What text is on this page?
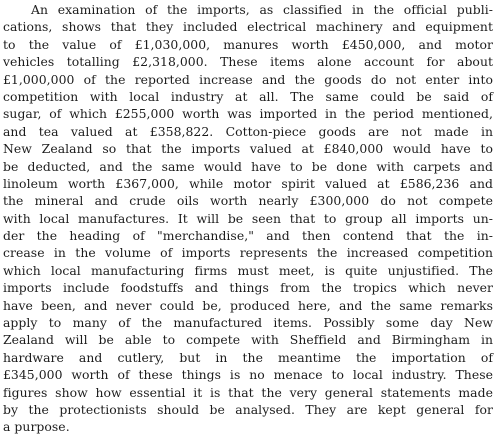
An examination of the imports, as classified in the official publi-
cations, shows that they included electrical machinery and equipment
to the value of £1,030,000, manures worth £450,000, and motor
vehicles totalling £2,318,000. These items alone account for about
£1,000,000 of the reported increase and the goods do not enter into
competition with local industry at all. The same could be said of
sugar, of which £255,000 worth was imported in the period mentioned,
and tea valued at £358,822. Cotton-piece goods are not made in
New Zealand so that the imports valued at £840,000 would have to
be deducted, and the same would have to be done with carpets and
linoleum worth £367,000, while motor spirit valued at £586,236 and
the mineral and crude oils worth nearly £300,000 do not compete
with local manufactures. It will be seen that to group all imports un-
der the heading of "merchandise," and then contend that the in-
crease in the volume of imports represents the increased competition
which local manufacturing firms must meet, is quite unjustified. The
imports include foodstuffs and things from the tropics which never
have been, and never could be, produced here, and the same remarks
apply to many of the manufactured items. Possibly some day New
Zealand will be able to compete with Sheffield and Birmingham in
hardware and cutlery, but in the meantime the importation of
£345,000 worth of these things is no menace to local industry. These
figures show how essential it is that the very general statements made
by the protectionists should be analysed. They are kept general for
a purpose.
